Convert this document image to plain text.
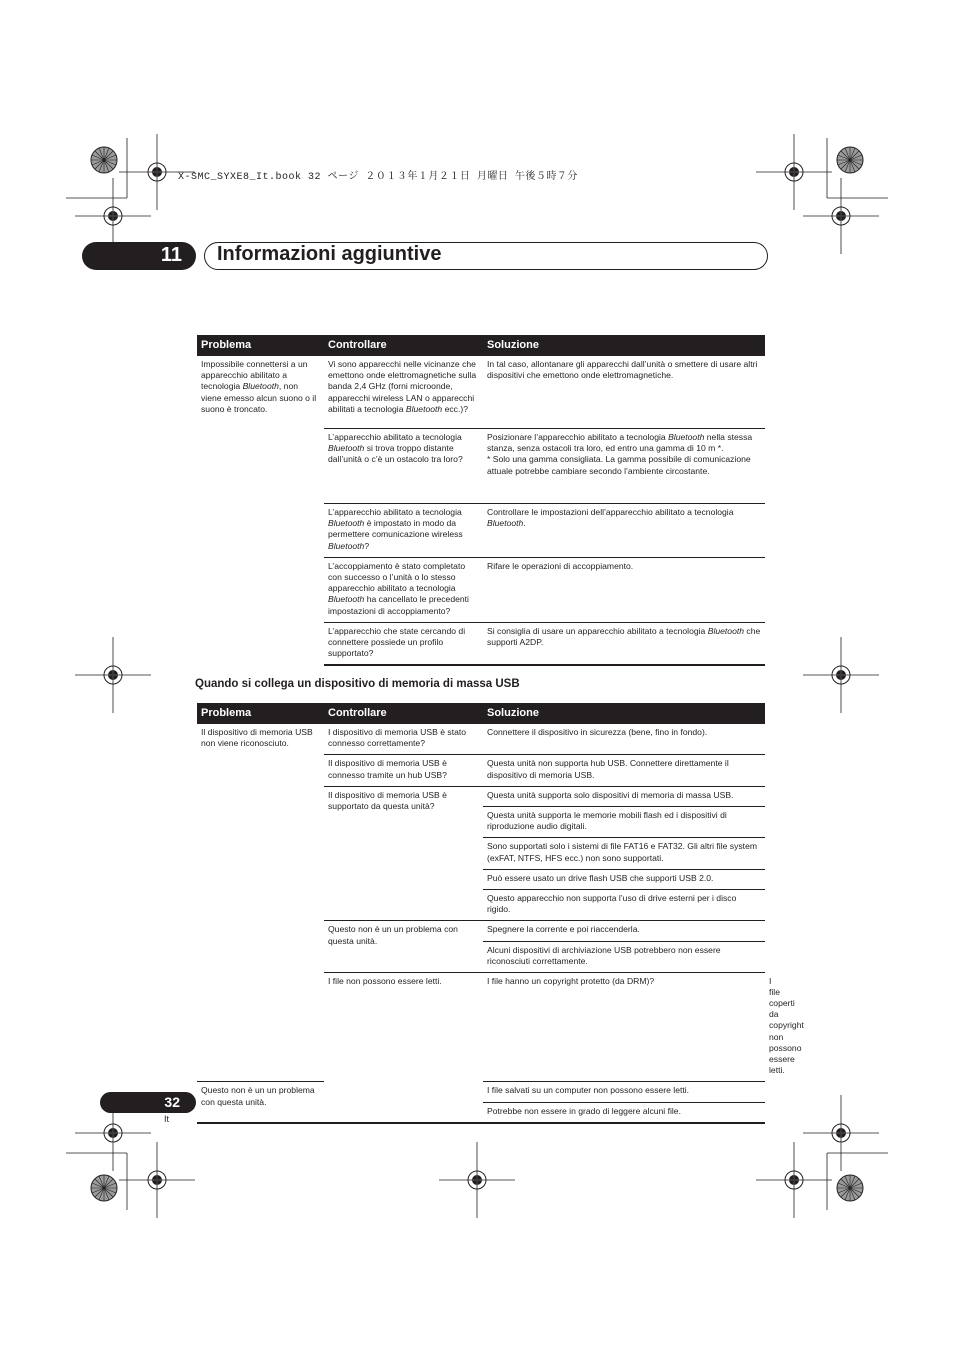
X-SMC_SYXE8_It.book 32 ページ ２０１３年１月２１日 月曜日 午後５時７分
11 Informazioni aggiuntive
Problema	Controllare	Soluzione
Impossibile connettersi a un apparecchio abilitato a tecnologia Bluetooth, non viene emesso alcun suono o il suono è troncato.	Vi sono apparecchi nelle vicinanze che emettono onde elettromagnetiche sulla banda 2,4 GHz (forni microonde, apparecchi wireless LAN o apparecchi abilitati a tecnologia Bluetooth ecc.)?	In tal caso, allontanare gli apparecchi dall’unità o smettere di usare altri dispositivi che emettono onde elettromagnetiche.
	L’apparecchio abilitato a tecnologia Bluetooth si trova troppo distante dall’unità o c’è un ostacolo tra loro?	Posizionare l’apparecchio abilitato a tecnologia Bluetooth nella stessa stanza, senza ostacoli tra loro, ed entro una gamma di 10 m *.
* Solo una gamma consigliata. La gamma possibile di comunicazione attuale potrebbe cambiare secondo l’ambiente circostante.
	L’apparecchio abilitato a tecnologia Bluetooth è impostato in modo da permettere comunicazione wireless Bluetooth?	Controllare le impostazioni dell’apparecchio abilitato a tecnologia Bluetooth.
	L’accoppiamento è stato completato con successo o l’unità o lo stesso apparecchio abilitato a tecnologia Bluetooth ha cancellato le precedenti impostazioni di accoppiamento?	Rifare le operazioni di accoppiamento.
	L’apparecchio che state cercando di connettere possiede un profilo supportato?	Si consiglia di usare un apparecchio abilitato a tecnologia Bluetooth che supporti A2DP.
Quando si collega un dispositivo di memoria di massa USB
Problema	Controllare	Soluzione	
Il dispositivo di memoria USB non viene riconosciuto.	I dispositivo di memoria USB è stato connesso correttamente?	Connettere il dispositivo in sicurezza (bene, fino in fondo).	
	Il dispositivo di memoria USB è connesso tramite un hub USB?	Questa unità non supporta hub USB. Connettere direttamente il dispositivo di memoria USB.	
	Il dispositivo di memoria USB è supportato da questa unità?	Questa unità supporta solo dispositivi di memoria di massa USB.	
		Questa unità supporta le memorie mobili flash ed i dispositivi di riproduzione audio digitali.	
		Sono supportati solo i sistemi di file FAT16 e FAT32. Gli altri file system (exFAT, NTFS, HFS ecc.) non sono supportati.	
		Può essere usato un drive flash USB che supporti USB 2.0.	
		Questo apparecchio non supporta l’uso di drive esterni per i disco rigido.	
	Questo non è un un problema con questa unità.	Spegnere la corrente e poi riaccenderla.	
		Alcuni dispositivi di archiviazione USB potrebbero non essere riconosciuti correttamente.	
	I file non possono essere letti.	I file hanno un copyright protetto (da DRM)?	I file coperti da copyright non possono essere letti.
Questo non è un un problema con questa unità.		I file salvati su un computer non possono essere letti.	
		Potrebbe non essere in grado di leggere alcuni file.	
32
It
